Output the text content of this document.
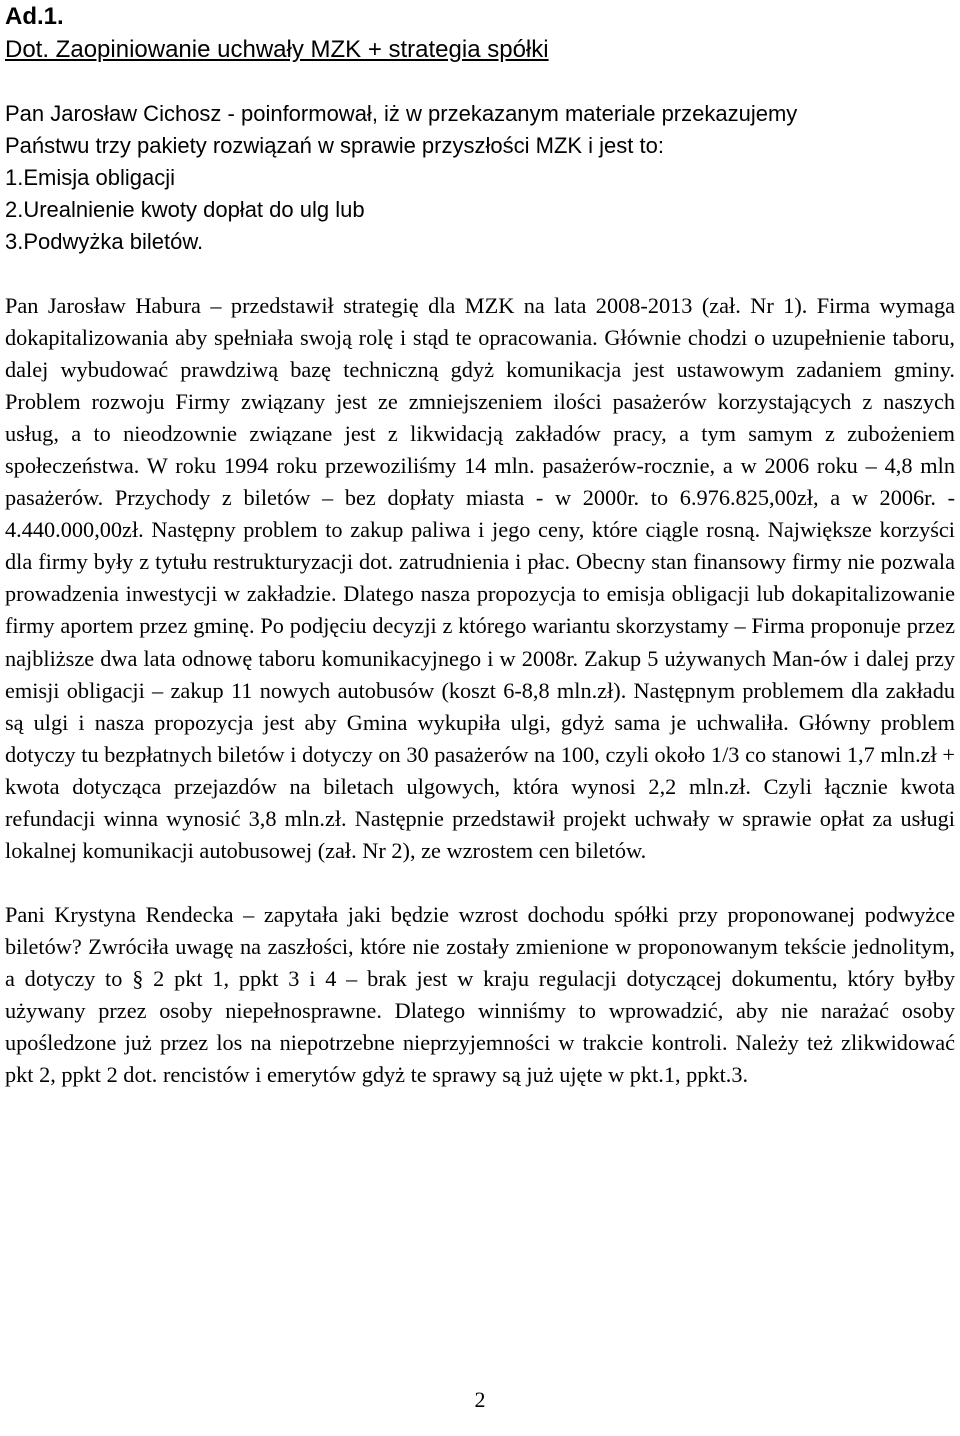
Ad.1.
Dot. Zaopiniowanie uchwały MZK + strategia spółki
Pan Jarosław Cichosz - poinformował, iż w przekazanym materiale przekazujemy
Państwu trzy pakiety rozwiązań w sprawie przyszłości MZK i jest to:
1.Emisja obligacji
2.Urealnienie kwoty dopłat do ulg lub
3.Podwyżka biletów.

Pan Jarosław Habura – przedstawił strategię dla MZK na lata 2008-2013 (zał. Nr 1). Firma wymaga dokapitalizowania aby spełniała swoją rolę i stąd te opracowania. Głównie chodzi o uzupełnienie taboru, dalej wybudować prawdziwą bazę techniczną gdyż komunikacja jest ustawowym zadaniem gminy. Problem rozwoju Firmy związany jest ze zmniejszeniem ilości pasażerów korzystających z naszych usług, a to nieodzownie związane jest z likwidacją zakładów pracy, a tym samym z zubożeniem społeczeństwa. W roku 1994 roku przewoziliśmy 14 mln. pasażerów-rocznie, a w 2006 roku – 4,8 mln pasażerów. Przychody z biletów – bez dopłaty miasta - w 2000r. to 6.976.825,00zł, a w 2006r. - 4.440.000,00zł. Następny problem to zakup paliwa i jego ceny, które ciągle rosną. Największe korzyści dla firmy były z tytułu restrukturyzacji dot. zatrudnienia i płac. Obecny stan finansowy firmy nie pozwala prowadzenia inwestycji w zakładzie. Dlatego nasza propozycja to emisja obligacji lub dokapitalizowanie firmy aportem przez gminę. Po podjęciu decyzji z którego wariantu skorzystamy – Firma proponuje przez najbliższe dwa lata odnowę taboru komunikacyjnego i w 2008r. Zakup 5 używanych Man-ów i dalej przy emisji obligacji – zakup 11 nowych autobusów (koszt 6-8,8 mln.zł). Następnym problemem dla zakładu są ulgi i nasza propozycja jest aby Gmina wykupiła ulgi, gdyż sama je uchwaliła. Główny problem dotyczy tu bezpłatnych biletów i dotyczy on 30 pasażerów na 100, czyli około 1/3 co stanowi 1,7 mln.zł + kwota dotycząca przejazdów na biletach ulgowych, która wynosi 2,2 mln.zł. Czyli łącznie kwota refundacji winna wynosić 3,8 mln.zł. Następnie przedstawił projekt uchwały w sprawie opłat za usługi lokalnej komunikacji autobusowej (zał. Nr 2), ze wzrostem cen biletów.

Pani Krystyna Rendecka – zapytała jaki będzie wzrost dochodu spółki przy proponowanej podwyżce biletów? Zwróciła uwagę na zaszłości, które nie zostały zmienione w proponowanym tekście jednolitym, a dotyczy to § 2 pkt 1, ppkt 3 i 4 – brak jest w kraju regulacji dotyczącej dokumentu, który byłby używany przez osoby niepełnosprawne. Dlatego winniśmy to wprowadzić, aby nie narażać osoby upośledzone już przez los na niepotrzebne nieprzyjemności w trakcie kontroli. Należy też zlikwidować pkt 2, ppkt 2 dot. rencistów i emerytów gdyż te sprawy są już ujęte w pkt.1, ppkt.3.

2
